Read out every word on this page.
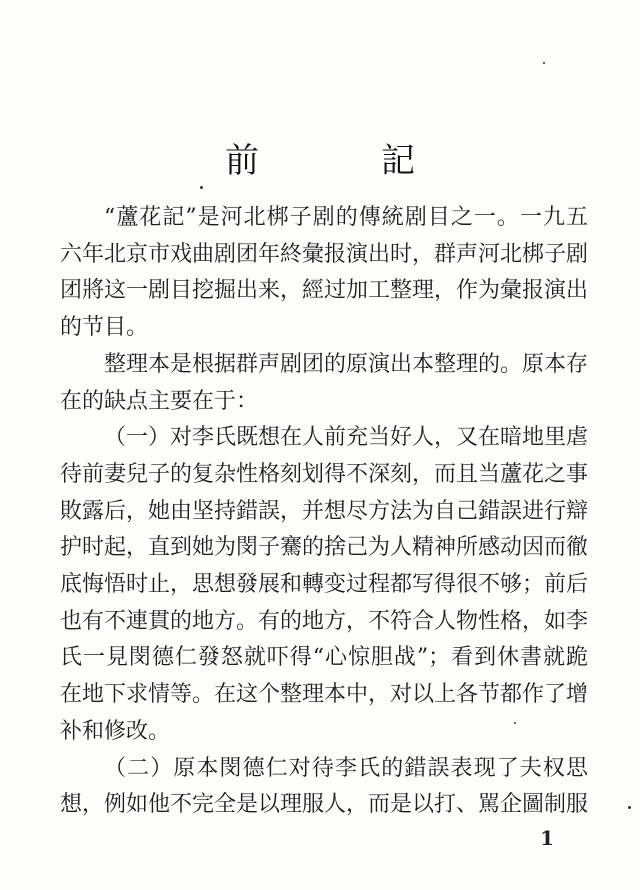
前　記

“蘆花記”是河北梆子剧的傳統剧目之一。一九五六年北京市戏曲剧团年終彙报演出时，群声河北梆子剧团將这一剧目挖掘出来，經过加工整理，作为彙报演出的节目。

整理本是根据群声剧团的原演出本整理的。原本存在的缺点主要在于：

（一）对李氏既想在人前充当好人，又在暗地里虐待前妻兒子的复杂性格刻划得不深刻，而且当蘆花之事敗露后，她由坚持錯誤，并想尽方法为自己錯誤进行辯护时起，直到她为閔子騫的捨己为人精神所感动因而徹底悔悟时止，思想發展和轉变过程都写得很不够；前后也有不連貫的地方。有的地方，不符合人物性格，如李氏一見閔德仁發怒就吓得“心惊胆战”；看到休書就跪在地下求情等。在这个整理本中，对以上各节都作了增补和修改。

（二）原本閔德仁对待李氏的錯誤表现了夫权思想，例如他不完全是以理服人，而是以打、駡企圖制服

1
